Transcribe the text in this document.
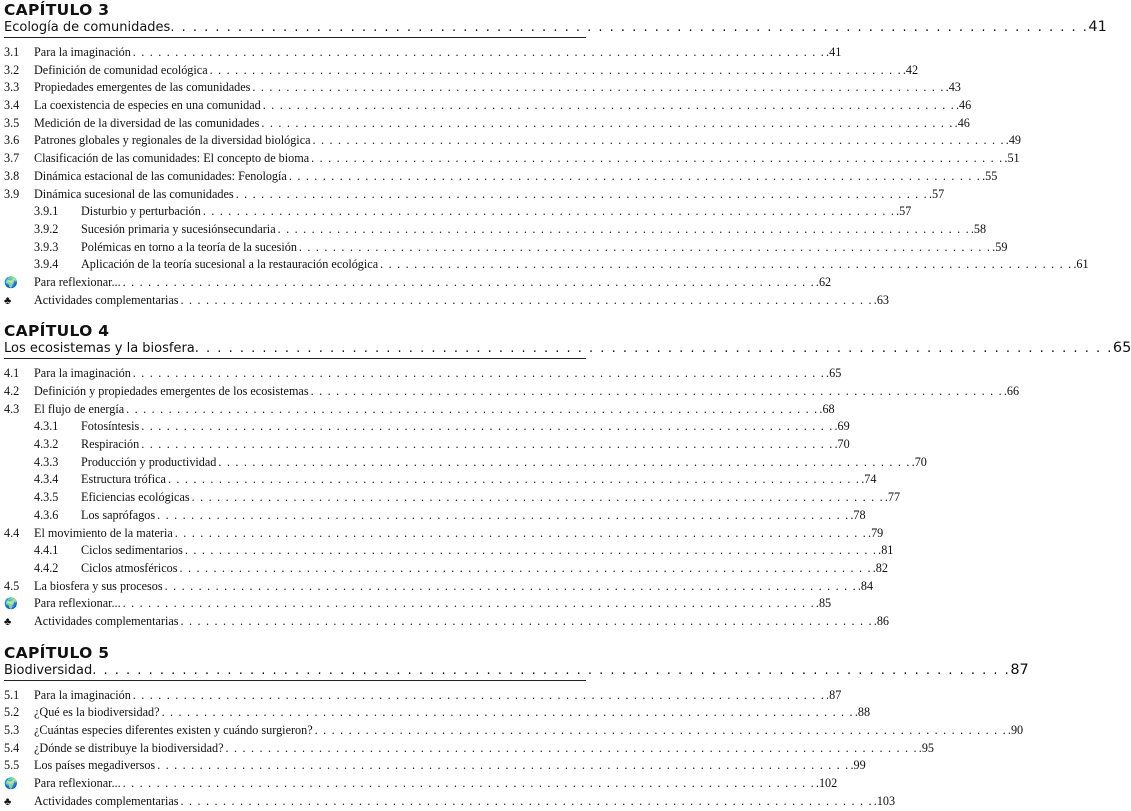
CAPÍTULO 3
Ecología de comunidades . . . . . . . . . . . . . . . . . . . . . . . . . . . . . . . . . . . . . . . . . . . . . . . . . . . . . . . . . . . . . . . . . . . . . . . . . . . . . . . . . . 41
3.1	Para la imaginación . . . . . . . . . . . . . . . . . . . . . . . . . . . . . . . . . . . . . . . . . . . . . . . . . . . . . . . . . . . . . . . . . . . . . . . . . . . . . . . . . . .41
3.2	Definición de comunidad ecológica . . . . . . . . . . . . . . . . . . . . . . . . . . . . . . . . . . . . . . . . . . . . . . . . . . . . . . . . . . . . . . . . . . . . . . . . . . . . . . . . . . .42
3.3	Propiedades emergentes de las comunidades . . . . . . . . . . . . . . . . . . . . . . . . . . . . . . . . . . . . . . . . . . . . . . . . . . . . . . . . . . . . . . . . . . . . . . . . . . . . . . . . . . .43
3.4	La coexistencia de especies en una comunidad . . . . . . . . . . . . . . . . . . . . . . . . . . . . . . . . . . . . . . . . . . . . . . . . . . . . . . . . . . . . . . . . . . . . . . . . . . . . . . . . . . .46
3.5	Medición de la diversidad de las comunidades . . . . . . . . . . . . . . . . . . . . . . . . . . . . . . . . . . . . . . . . . . . . . . . . . . . . . . . . . . . . . . . . . . . . . . . . . . . . . . . . . . .46
3.6	Patrones globales y regionales de la diversidad biológica . . . . . . . . . . . . . . . . . . . . . . . . . . . . . . . . . . . . . . . . . . . . . . . . . . . . . . . . . . . . . . . . . . . . . . . . . . . . . . . . . . .49
3.7	Clasificación de las comunidades: El concepto de bioma . . . . . . . . . . . . . . . . . . . . . . . . . . . . . . . . . . . . . . . . . . . . . . . . . . . . . . . . . . . . . . . . . . . . . . . . . . . . . . . . . . .51
3.8	Dinámica estacional de las comunidades: Fenología . . . . . . . . . . . . . . . . . . . . . . . . . . . . . . . . . . . . . . . . . . . . . . . . . . . . . . . . . . . . . . . . . . . . . . . . . . . . . . . . . . .55
3.9	Dinámica sucesional de las comunidades . . . . . . . . . . . . . . . . . . . . . . . . . . . . . . . . . . . . . . . . . . . . . . . . . . . . . . . . . . . . . . . . . . . . . . . . . . . . . . . . . . .57
3.9.1	Disturbio y perturbación . . . . . . . . . . . . . . . . . . . . . . . . . . . . . . . . . . . . . . . . . . . . . . . . . . . . . . . . . . . . . . . . . . . . . . . . . . . . . . . . . . .57
3.9.2	Sucesión primaria y sucesiónsecundaria . . . . . . . . . . . . . . . . . . . . . . . . . . . . . . . . . . . . . . . . . . . . . . . . . . . . . . . . . . . . . . . . . . . . . . . . . . . . . . . . . . .58
3.9.3	Polémicas en torno a la teoría de la sucesión . . . . . . . . . . . . . . . . . . . . . . . . . . . . . . . . . . . . . . . . . . . . . . . . . . . . . . . . . . . . . . . . . . . . . . . . . . . . . . . . . . .59
3.9.4	Aplicación de la teoría sucesional a la restauración ecológica . . . . . . . . . . . . . . . . . . . . . . . . . . . . . . . . . . . . . . . . . . . . . . . . . . . . . . . . . . . . . . . . . . . . . . . . . . . . . . . . . . .61
🌍	Para reflexionar... . . . . . . . . . . . . . . . . . . . . . . . . . . . . . . . . . . . . . . . . . . . . . . . . . . . . . . . . . . . . . . . . . . . . . . . . . . . . . . . . . . .62
♣	Actividades complementarias . . . . . . . . . . . . . . . . . . . . . . . . . . . . . . . . . . . . . . . . . . . . . . . . . . . . . . . . . . . . . . . . . . . . . . . . . . . . . . . . . . .63
CAPÍTULO 4
Los ecosistemas y la biosfera . . . . . . . . . . . . . . . . . . . . . . . . . . . . . . . . . . . . . . . . . . . . . . . . . . . . . . . . . . . . . . . . . . . . . . . . . . . . . . . . . . 65
4.1	Para la imaginación . . . . . . . . . . . . . . . . . . . . . . . . . . . . . . . . . . . . . . . . . . . . . . . . . . . . . . . . . . . . . . . . . . . . . . . . . . . . . . . . . . .65
4.2	Definición y propiedades emergentes de los ecosistemas . . . . . . . . . . . . . . . . . . . . . . . . . . . . . . . . . . . . . . . . . . . . . . . . . . . . . . . . . . . . . . . . . . . . . . . . . . . . . . . . . . .66
4.3	El flujo de energía . . . . . . . . . . . . . . . . . . . . . . . . . . . . . . . . . . . . . . . . . . . . . . . . . . . . . . . . . . . . . . . . . . . . . . . . . . . . . . . . . . .68
4.3.1	Fotosíntesis . . . . . . . . . . . . . . . . . . . . . . . . . . . . . . . . . . . . . . . . . . . . . . . . . . . . . . . . . . . . . . . . . . . . . . . . . . . . . . . . . . .69
4.3.2	Respiración . . . . . . . . . . . . . . . . . . . . . . . . . . . . . . . . . . . . . . . . . . . . . . . . . . . . . . . . . . . . . . . . . . . . . . . . . . . . . . . . . . .70
4.3.3	Producción y productividad . . . . . . . . . . . . . . . . . . . . . . . . . . . . . . . . . . . . . . . . . . . . . . . . . . . . . . . . . . . . . . . . . . . . . . . . . . . . . . . . . . .70
4.3.4	Estructura trófica . . . . . . . . . . . . . . . . . . . . . . . . . . . . . . . . . . . . . . . . . . . . . . . . . . . . . . . . . . . . . . . . . . . . . . . . . . . . . . . . . . .74
4.3.5	Eficiencias ecológicas . . . . . . . . . . . . . . . . . . . . . . . . . . . . . . . . . . . . . . . . . . . . . . . . . . . . . . . . . . . . . . . . . . . . . . . . . . . . . . . . . . .77
4.3.6	Los saprófagos . . . . . . . . . . . . . . . . . . . . . . . . . . . . . . . . . . . . . . . . . . . . . . . . . . . . . . . . . . . . . . . . . . . . . . . . . . . . . . . . . . .78
4.4	El movimiento de la materia . . . . . . . . . . . . . . . . . . . . . . . . . . . . . . . . . . . . . . . . . . . . . . . . . . . . . . . . . . . . . . . . . . . . . . . . . . . . . . . . . . .79
4.4.1	Ciclos sedimentarios . . . . . . . . . . . . . . . . . . . . . . . . . . . . . . . . . . . . . . . . . . . . . . . . . . . . . . . . . . . . . . . . . . . . . . . . . . . . . . . . . . .81
4.4.2	Ciclos atmosféricos . . . . . . . . . . . . . . . . . . . . . . . . . . . . . . . . . . . . . . . . . . . . . . . . . . . . . . . . . . . . . . . . . . . . . . . . . . . . . . . . . . .82
4.5	La biosfera y sus procesos . . . . . . . . . . . . . . . . . . . . . . . . . . . . . . . . . . . . . . . . . . . . . . . . . . . . . . . . . . . . . . . . . . . . . . . . . . . . . . . . . . .84
🌍	Para reflexionar... . . . . . . . . . . . . . . . . . . . . . . . . . . . . . . . . . . . . . . . . . . . . . . . . . . . . . . . . . . . . . . . . . . . . . . . . . . . . . . . . . . .85
♣	Actividades complementarias . . . . . . . . . . . . . . . . . . . . . . . . . . . . . . . . . . . . . . . . . . . . . . . . . . . . . . . . . . . . . . . . . . . . . . . . . . . . . . . . . . .86
CAPÍTULO 5
Biodiversidad . . . . . . . . . . . . . . . . . . . . . . . . . . . . . . . . . . . . . . . . . . . . . . . . . . . . . . . . . . . . . . . . . . . . . . . . . . . . . . . . . . 87
5.1	Para la imaginación . . . . . . . . . . . . . . . . . . . . . . . . . . . . . . . . . . . . . . . . . . . . . . . . . . . . . . . . . . . . . . . . . . . . . . . . . . . . . . . . . . .87
5.2	¿Qué es la biodiversidad? . . . . . . . . . . . . . . . . . . . . . . . . . . . . . . . . . . . . . . . . . . . . . . . . . . . . . . . . . . . . . . . . . . . . . . . . . . . . . . . . . . .88
5.3	¿Cuántas especies diferentes existen y cuándo surgieron? . . . . . . . . . . . . . . . . . . . . . . . . . . . . . . . . . . . . . . . . . . . . . . . . . . . . . . . . . . . . . . . . . . . . . . . . . . . . . . . . . . .90
5.4	¿Dónde se distribuye la biodiversidad? . . . . . . . . . . . . . . . . . . . . . . . . . . . . . . . . . . . . . . . . . . . . . . . . . . . . . . . . . . . . . . . . . . . . . . . . . . . . . . . . . . .95
5.5	Los países megadiversos . . . . . . . . . . . . . . . . . . . . . . . . . . . . . . . . . . . . . . . . . . . . . . . . . . . . . . . . . . . . . . . . . . . . . . . . . . . . . . . . . . .99
🌍	Para reflexionar... . . . . . . . . . . . . . . . . . . . . . . . . . . . . . . . . . . . . . . . . . . . . . . . . . . . . . . . . . . . . . . . . . . . . . . . . . . . . . . . . . . .102
♣	Actividades complementarias . . . . . . . . . . . . . . . . . . . . . . . . . . . . . . . . . . . . . . . . . . . . . . . . . . . . . . . . . . . . . . . . . . . . . . . . . . . . . . . . . . .103
